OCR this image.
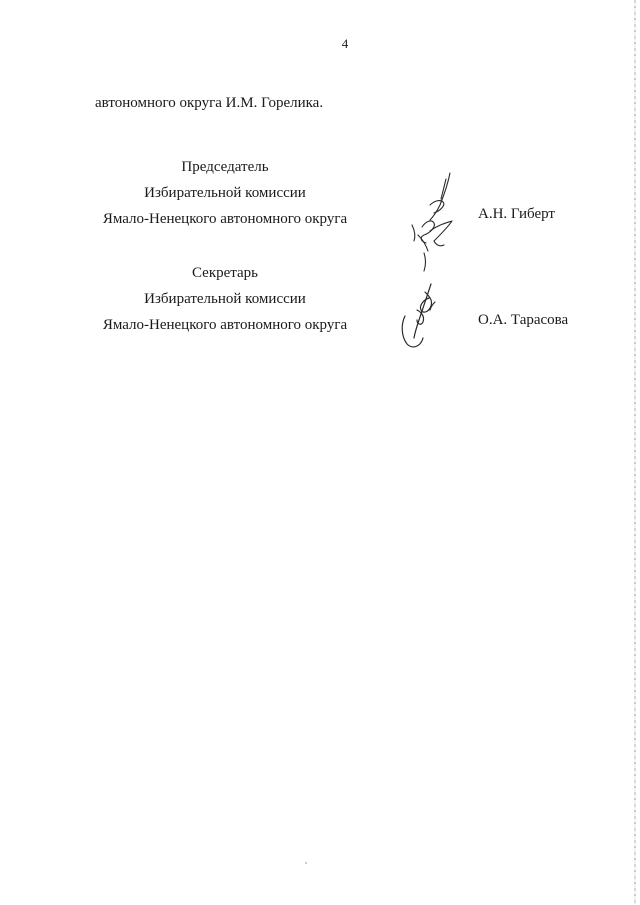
4
автономного округа И.М. Горелика.
Председатель
Избирательной комиссии
Ямало-Ненецкого автономного округа	А.Н. Гиберт
Секретарь
Избирательной комиссии
Ямало-Ненецкого автономного округа	О.А. Тарасова
